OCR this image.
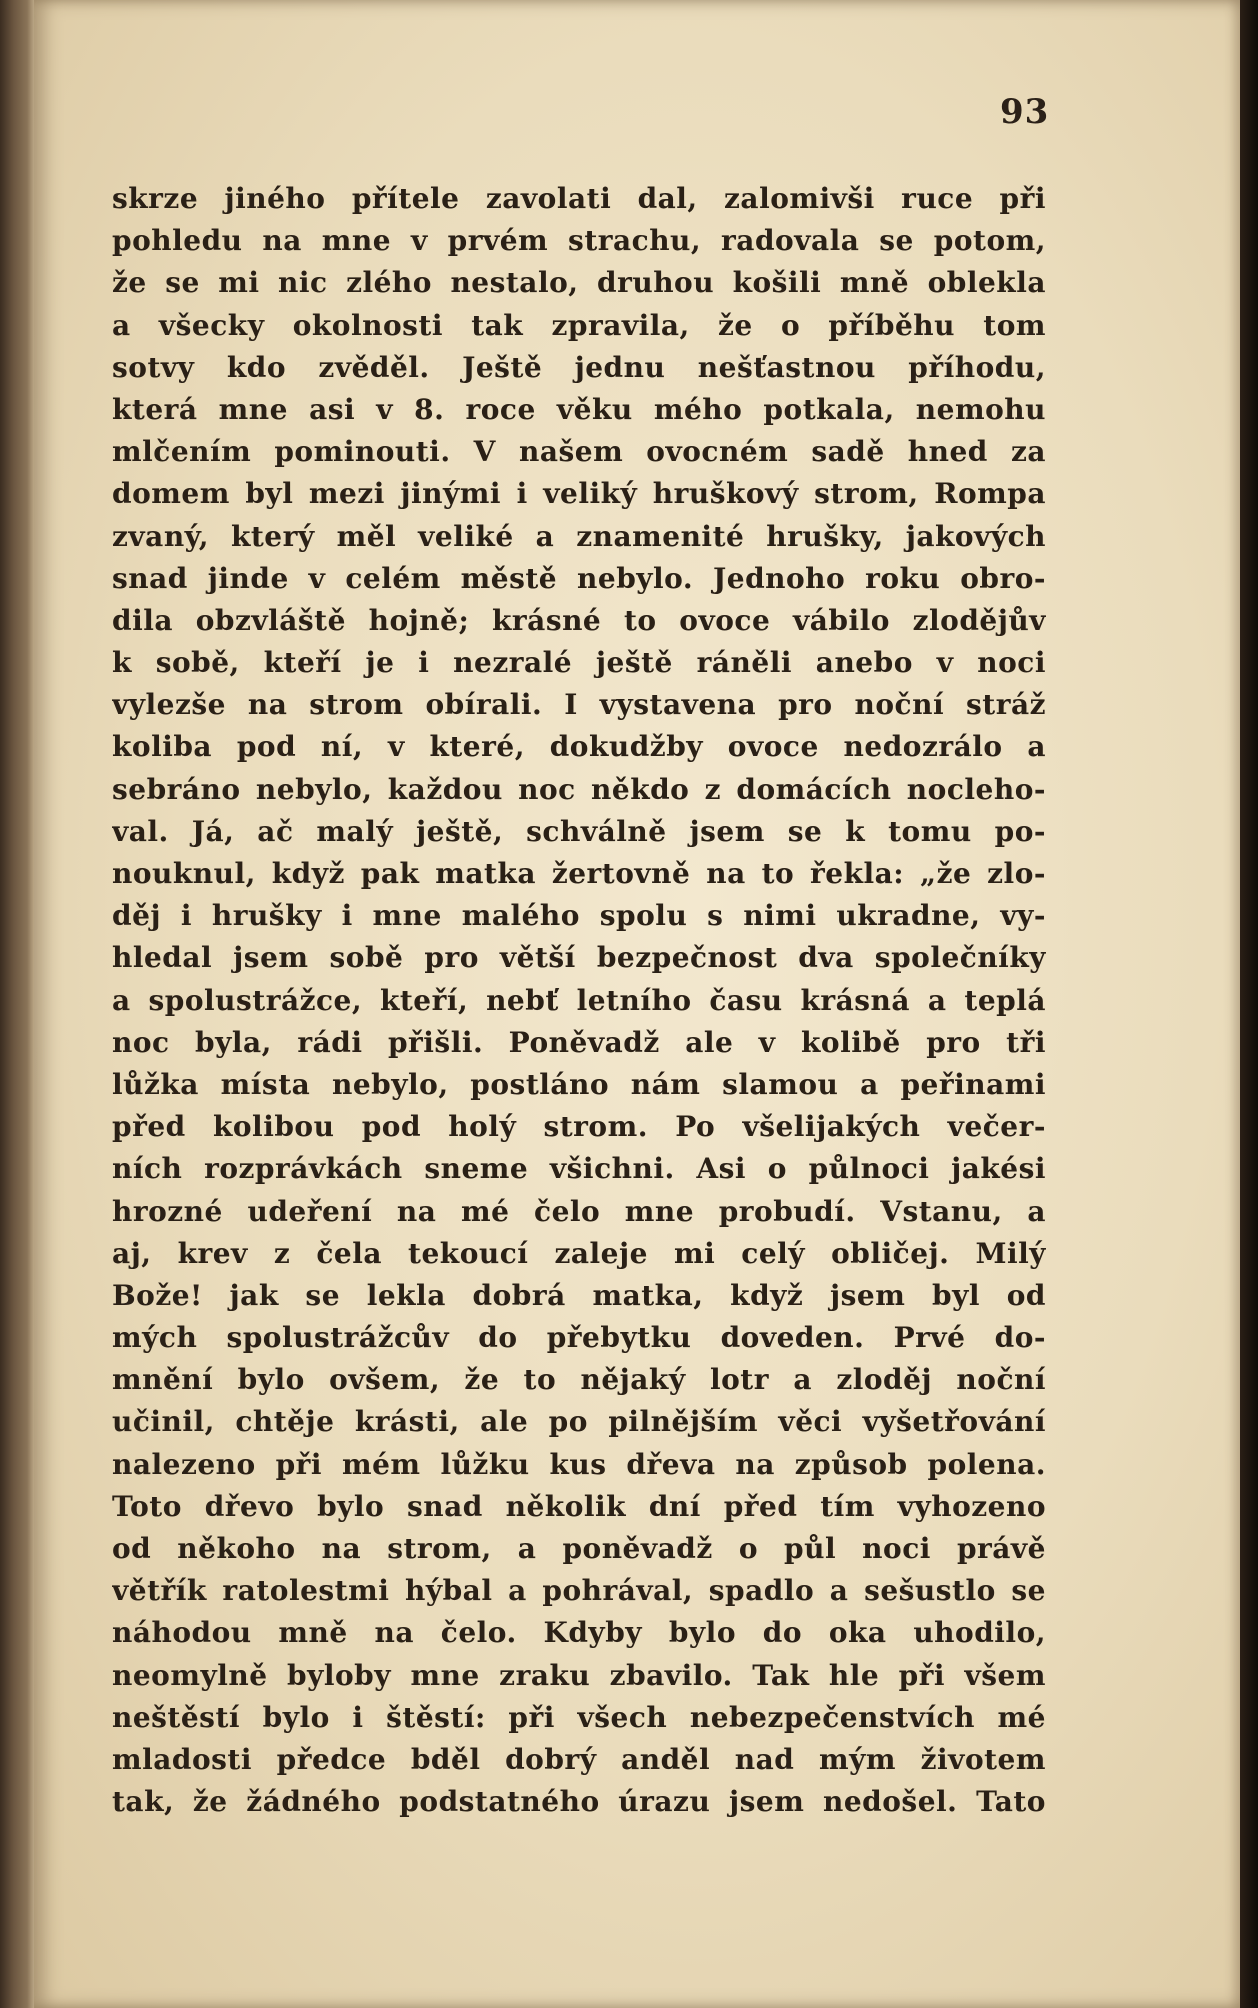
93
skrze jiného přítele zavolati dal, zalomivši ruce při
pohledu na mne v prvém strachu, radovala se potom,
že se mi nic zlého nestalo, druhou košili mně oblekla
a všecky okolnosti tak zpravila, že o příběhu tom
sotvy kdo zvěděl. Ještě jednu nešťastnou příhodu,
která mne asi v 8. roce věku mého potkala, nemohu
mlčením pominouti. V našem ovocném sadě hned za
domem byl mezi jinými i veliký hruškový strom, Rompa
zvaný, který měl veliké a znamenité hrušky, jakových
snad jinde v celém městě nebylo. Jednoho roku obro-
dila obzvláště hojně; krásné to ovoce vábilo zlodějův
k sobě, kteří je i nezralé ještě ráněli anebo v noci
vylezše na strom obírali. I vystavena pro noční stráž
koliba pod ní, v které, dokudžby ovoce nedozrálo a
sebráno nebylo, každou noc někdo z domácích nocleho-
val. Já, ač malý ještě, schválně jsem se k tomu po-
nouknul, když pak matka žertovně na to řekla: „že zlo-
děj i hrušky i mne malého spolu s nimi ukradne, vy-
hledal jsem sobě pro větší bezpečnost dva společníky
a spolustrážce, kteří, nebť letního času krásná a teplá
noc byla, rádi přišli. Poněvadž ale v kolibě pro tři
lůžka místa nebylo, postláno nám slamou a peřinami
před kolibou pod holý strom. Po všelijakých večer-
ních rozprávkách sneme všichni. Asi o půlnoci jakési
hrozné udeření na mé čelo mne probudí. Vstanu, a
aj, krev z čela tekoucí zaleje mi celý obličej. Milý
Bože! jak se lekla dobrá matka, když jsem byl od
mých spolustrážcův do přebytku doveden. Prvé do-
mnění bylo ovšem, že to nějaký lotr a zloděj noční
učinil, chtěje krásti, ale po pilnějším věci vyšetřování
nalezeno při mém lůžku kus dřeva na způsob polena.
Toto dřevo bylo snad několik dní před tím vyhozeno
od někoho na strom, a poněvadž o půl noci právě
větřík ratolestmi hýbal a pohrával, spadlo a sešustlo se
náhodou mně na čelo. Kdyby bylo do oka uhodilo,
neomylně byloby mne zraku zbavilo. Tak hle při všem
neštěstí bylo i štěstí: při všech nebezpečenstvích mé
mladosti předce bděl dobrý anděl nad mým životem
tak, že žádného podstatného úrazu jsem nedošel. Tato
